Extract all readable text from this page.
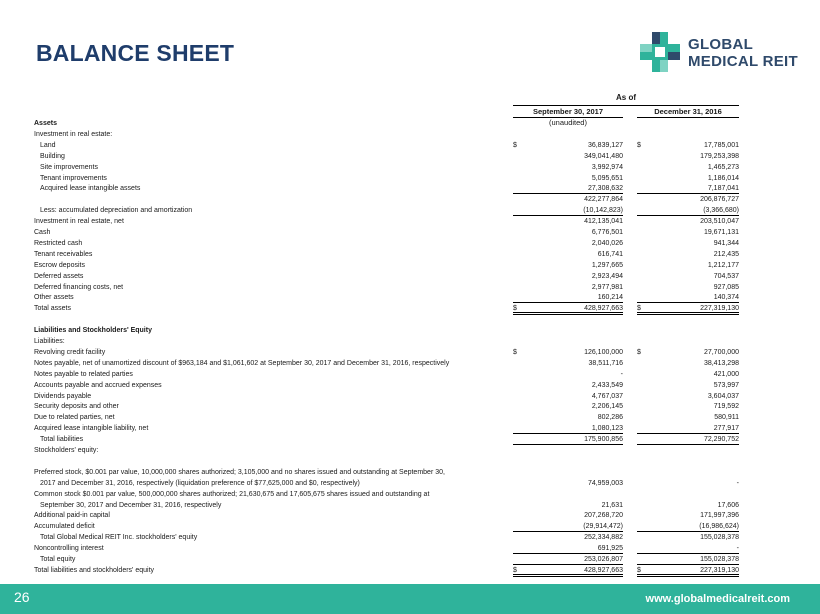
BALANCE SHEET	GLOBAL
MEDICAL REIT
As of
September 30, 2017	December 31, 2016
(unaudited)
Assets
Investment in real estate:
Land	$	36,839,127 $	17,785,001
Building	349,041,480	179,253,398
Site improvements	3,992,974	1,465,273
Tenant improvements	5,095,651	1,186,014
Acquired lease intangible assets	27,308,632	7,187,041
422,277,864	206,876,727
Less: accumulated depreciation and amortization	(10,142,823)	(3,366,680)
Investment in real estate, net	412,135,041	203,510,047
Cash	6,776,501	19,671,131
Restricted cash	2,040,026	941,344
Tenant receivables	616,741	212,435
Escrow deposits	1,297,665	1,212,177
Deferred assets	2,923,494	704,537
Deferred financing costs, net	2,977,981	927,085
Other assets	160,214	140,374
Total assets	$	428,927,663 $	227,319,130
Liabilities and Stockholders' Equity
Liabilities:
Revolving credit facility	$	126,100,000 $	27,700,000
Notes payable, net of unamortized discount of $963,184 and $1,061,602 at September 30, 2017 and December 31, 2016, respectively	38,511,716	38,413,298
Notes payable to related parties	-	421,000
Accounts payable and accrued expenses	2,433,549	573,997
Dividends payable	4,767,037	3,604,037
Security deposits and other	2,206,145	719,592
Due to related parties, net	802,286	580,911
Acquired lease intangible liability, net	1,080,123	277,917
Total liabilities	175,900,856	72,290,752
Stockholders' equity:
Preferred stock, $0.001 par value, 10,000,000 shares authorized; 3,105,000 and no shares issued and outstanding at September 30,
2017 and December 31, 2016, respectively (liquidation preference of $77,625,000 and $0, respectively)	74,959,003	-
Common stock $0.001 par value, 500,000,000 shares authorized; 21,630,675 and 17,605,675 shares issued and outstanding at
September 30, 2017 and December 31, 2016, respectively	21,631	17,606
Additional paid-in capital	207,268,720	171,997,396
Accumulated deficit	(29,914,472)	(16,986,624)
Total Global Medical REIT Inc. stockholders' equity	252,334,882	155,028,378
Noncontrolling interest	691,925	-
Total equity	253,026,807	155,028,378
Total liabilities and stockholders' equity	$	428,927,663 $	227,319,130
26	www.globalmedicalreit.com
